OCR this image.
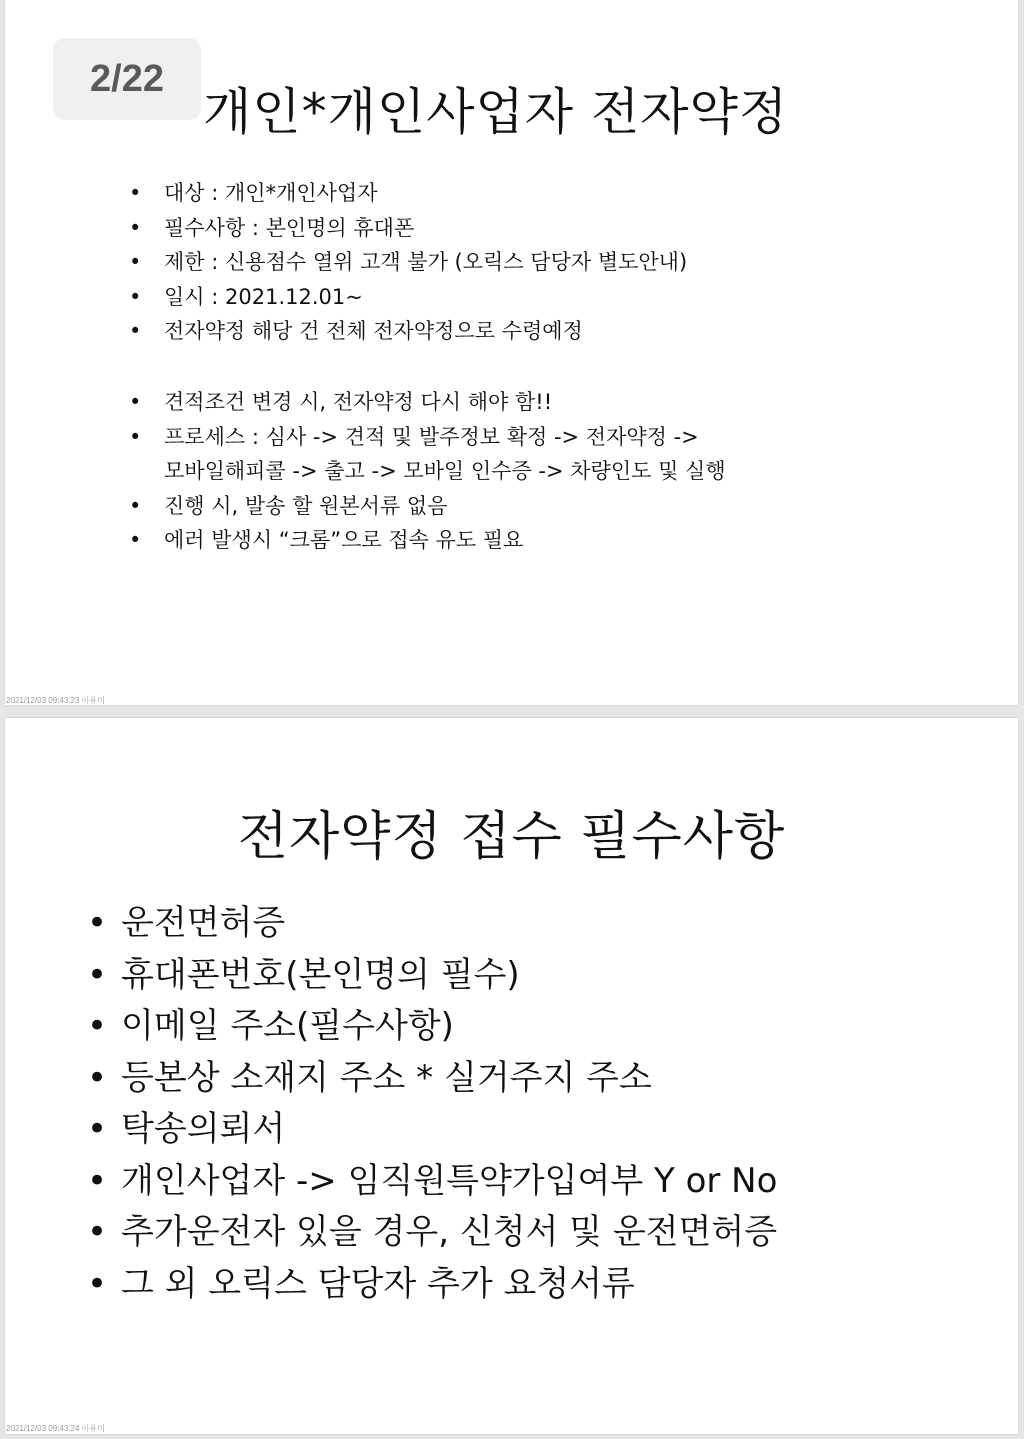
2/22
개인*개인사업자 전자약정
• 대상 : 개인*개인사업자
• 필수사항 : 본인명의 휴대폰
• 제한 : 신용점수 열위 고객 불가 (오릭스 담당자 별도안내)
• 일시 : 2021.12.01~
• 전자약정 해당 건 전체 전자약정으로 수령예정
• 견적조건 변경 시, 전자약정 다시 해야 함!!
• 프로세스 : 심사 -> 견적 및 발주정보 확정 -> 전자약정 ->
모바일해피콜 -> 출고 -> 모바일 인수증 -> 차량인도 및 실행
• 진행 시, 발송 할 원본서류 없음
• 에러 발생시 “크롬”으로 접속 유도 필요
2021/12/03 09:43:23 이유미
전자약정 접수 필수사항
• 운전면허증
• 휴대폰번호(본인명의 필수)
• 이메일 주소(필수사항)
• 등본상 소재지 주소 * 실거주지 주소
• 탁송의뢰서
• 개인사업자 -> 임직원특약가입여부 Y or No
• 추가운전자 있을 경우, 신청서 및 운전면허증
• 그 외 오릭스 담당자 추가 요청서류
2021/12/03 09:43:24 이유미
